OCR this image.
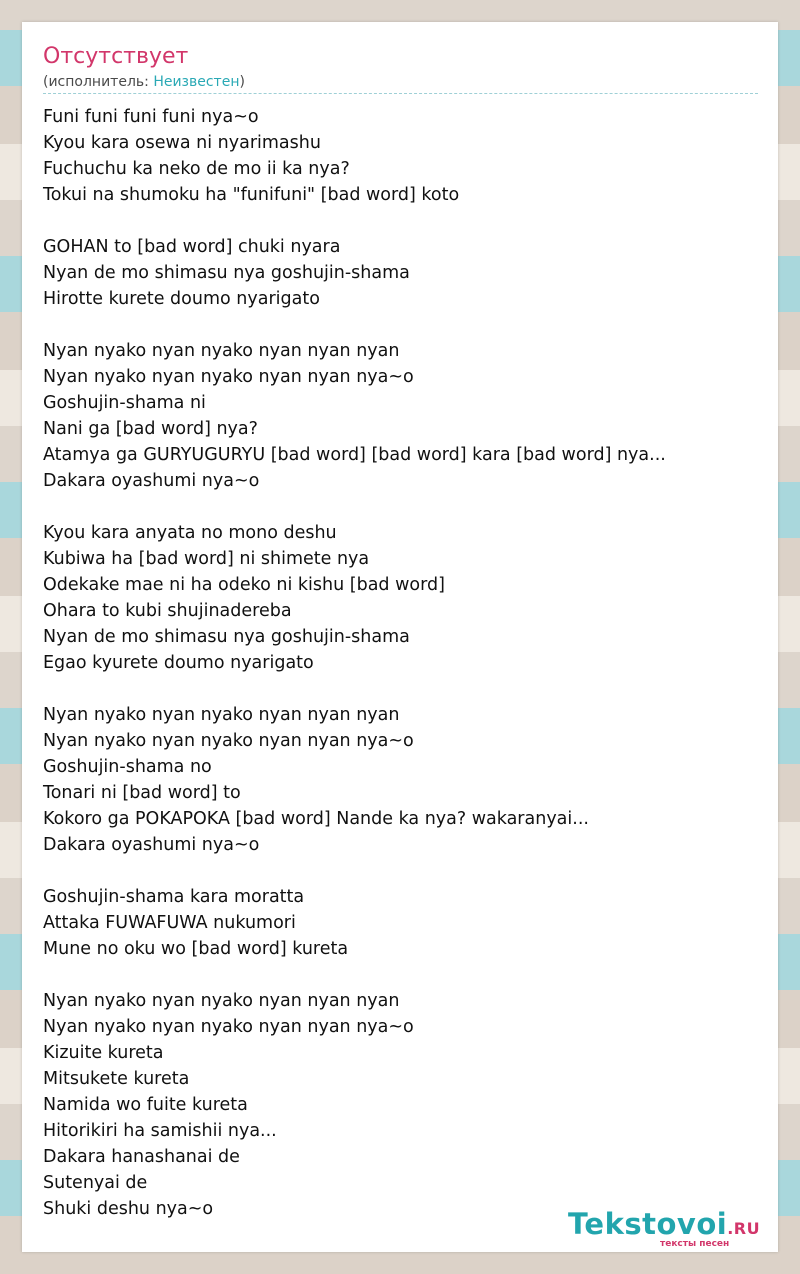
Отсутствует
(исполнитель: Неизвестен)
Funi funi funi funi nya~o
Kyou kara osewa ni nyarimashu
Fuchuchu ka neko de mo ii ka nya?
Tokui na shumoku ha "funifuni" [bad word] koto
GOHAN to [bad word] chuki nyara
Nyan de mo shimasu nya goshujin-shama
Hirotte kurete doumo nyarigato
Nyan nyako nyan nyako nyan nyan nyan
Nyan nyako nyan nyako nyan nyan nya~o
Goshujin-shama ni
Nani ga [bad word] nya?
Atamya ga GURYUGURYU [bad word] [bad word] kara [bad word] nya...
Dakara oyashumi nya~o
Kyou kara anyata no mono deshu
Kubiwa ha [bad word] ni shimete nya
Odekake mae ni ha odeko ni kishu [bad word]
Ohara to kubi shujinadereba
Nyan de mo shimasu nya goshujin-shama
Egao kyurete doumo nyarigato
Nyan nyako nyan nyako nyan nyan nyan
Nyan nyako nyan nyako nyan nyan nya~o
Goshujin-shama no
Tonari ni [bad word] to
Kokoro ga POKAPOKA [bad word] Nande ka nya? wakaranyai...
Dakara oyashumi nya~o
Goshujin-shama kara moratta
Attaka FUWAFUWA nukumori
Mune no oku wo [bad word] kureta
Nyan nyako nyan nyako nyan nyan nyan
Nyan nyako nyan nyako nyan nyan nya~o
Kizuite kureta
Mitsukete kureta
Namida wo fuite kureta
Hitorikiri ha samishii nya...
Dakara hanashanai de
Sutenyai de
Shuki deshu nya~o	Tekstovoi.RU
тексты песен
